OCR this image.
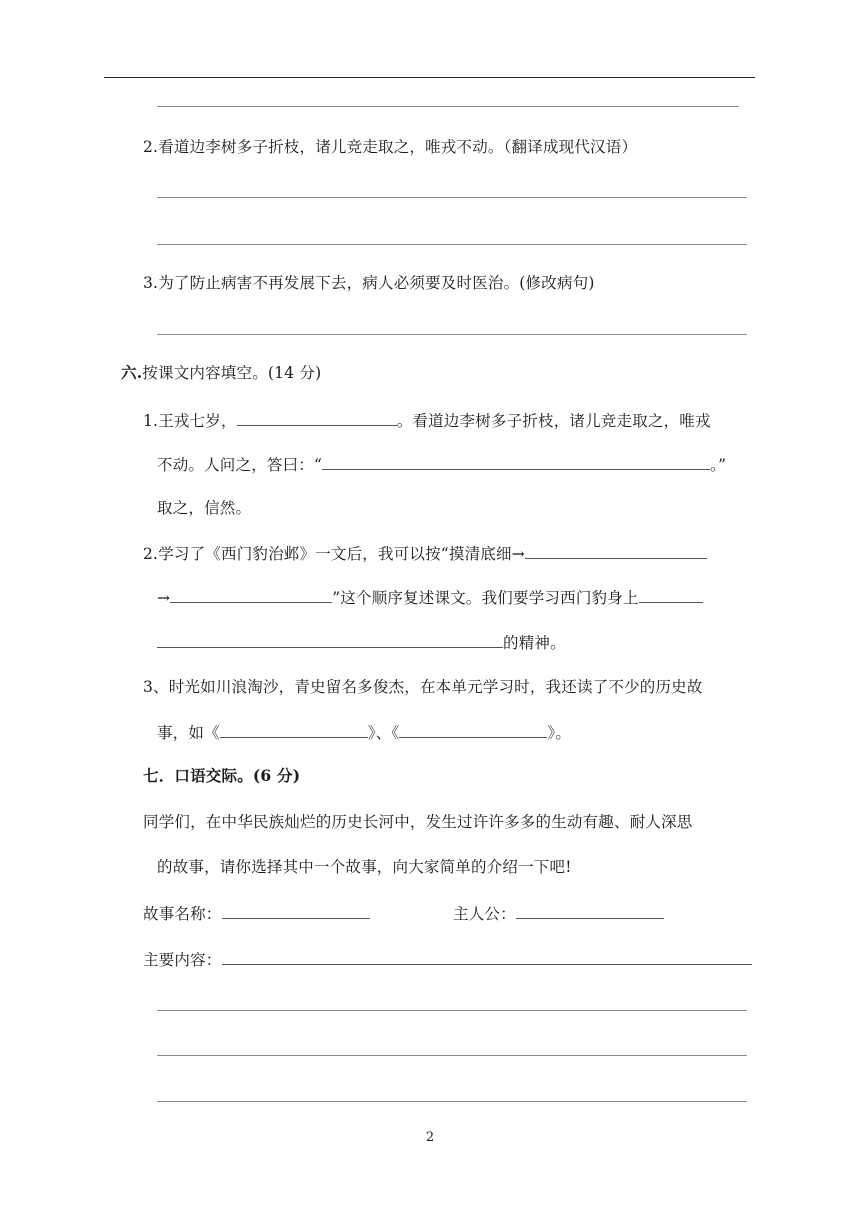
2.看道边李树多子折枝，诸儿竞走取之，唯戎不动。（翻译成现代汉语）
3.为了防止病害不再发展下去，病人必须要及时医治。(修改病句)
六.按课文内容填空。(14 分)
1.王戎七岁，	。看道边李树多子折枝，诸儿竞走取之，唯戎
不动。人问之，答曰：“	。”
取之，信然。
2.学习了《西门豹治邺》一文后，我可以按“摸清底细→
→	”这个顺序复述课文。我们要学习西门豹身上
的精神。
3、时光如川浪淘沙，青史留名多俊杰，在本单元学习时，我还读了不少的历史故
事，如《	》、《	》。
七．口语交际。(6 分)
同学们，在中华民族灿烂的历史长河中，发生过许许多多的生动有趣、耐人深思
的故事，请你选择其中一个故事，向大家简单的介绍一下吧!
故事名称：	主人公：
主要内容：
2
